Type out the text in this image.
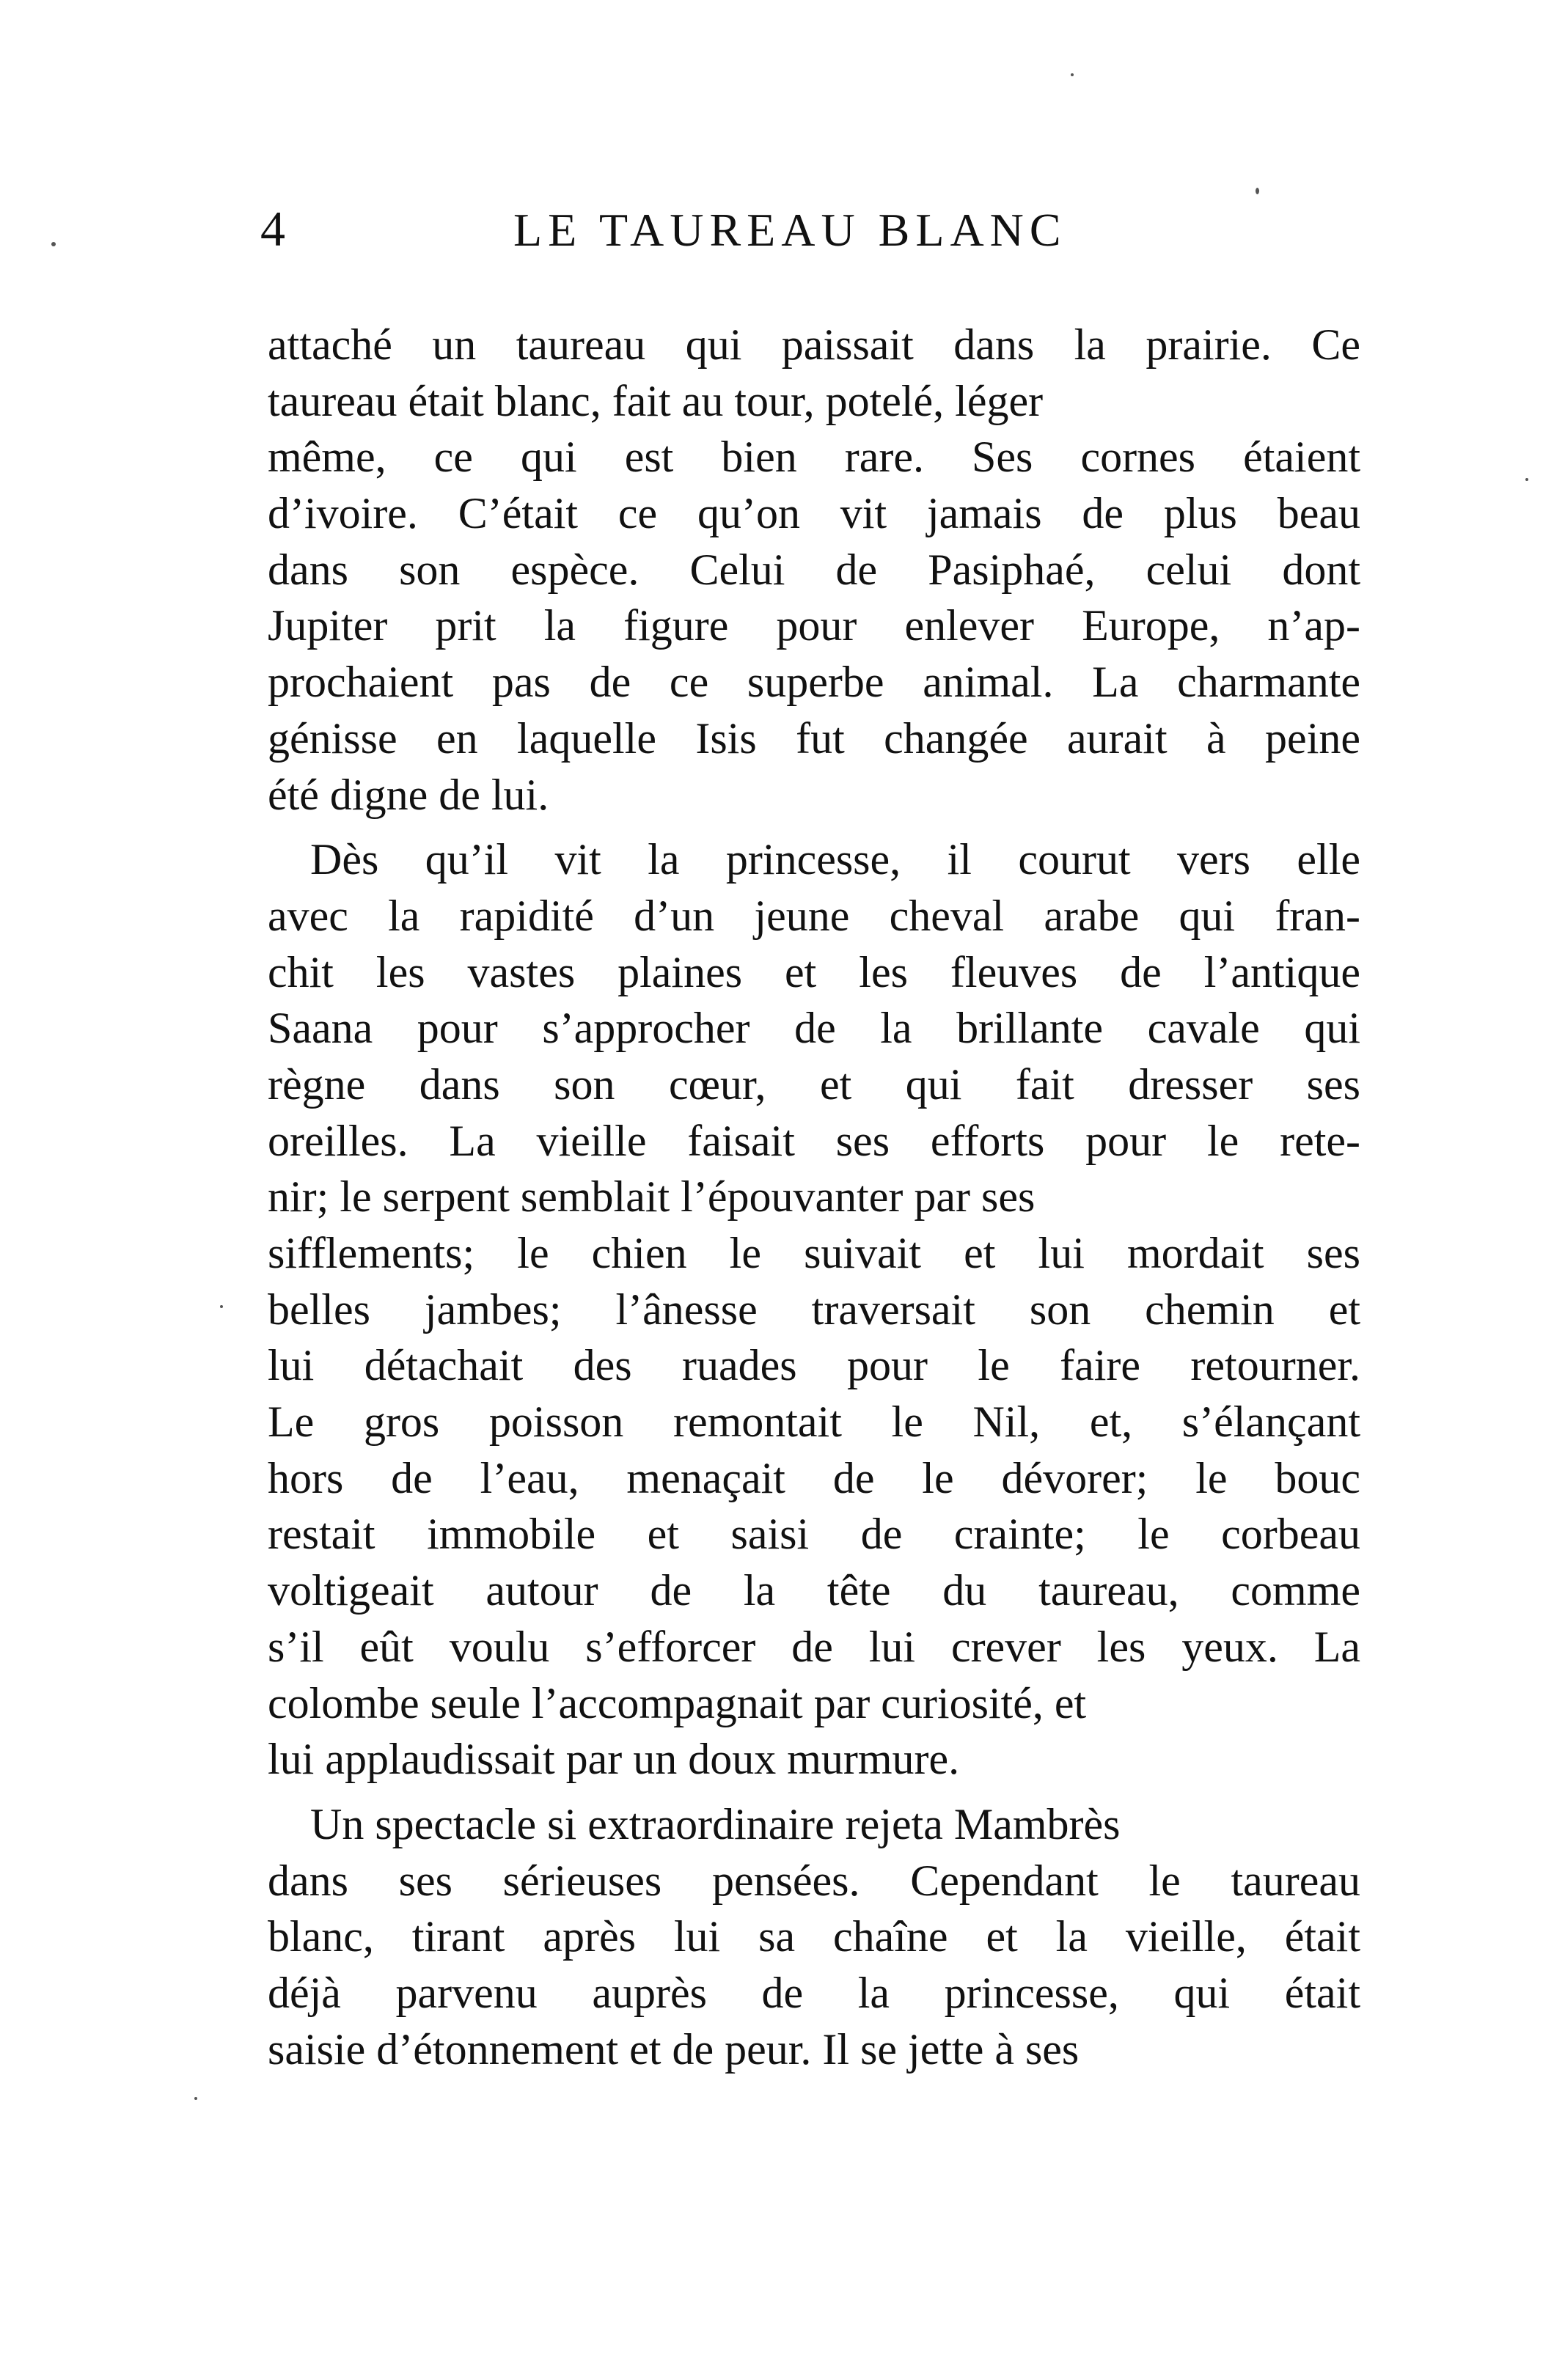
4	LE TAUREAU BLANC
attaché un taureau qui paissait dans la prairie. Ce
taureau était blanc, fait au tour, potelé, léger
même, ce qui est bien rare. Ses cornes étaient
d’ivoire. C’était ce qu’on vit jamais de plus beau
dans son espèce. Celui de Pasiphaé, celui dont
Jupiter prit la figure pour enlever Europe, n’ap-
prochaient pas de ce superbe animal. La charmante
génisse en laquelle Isis fut changée aurait à peine
été digne de lui.
Dès qu’il vit la princesse, il courut vers elle
avec la rapidité d’un jeune cheval arabe qui fran-
chit les vastes plaines et les fleuves de l’antique
Saana pour s’approcher de la brillante cavale qui
règne dans son cœur, et qui fait dresser ses
oreilles. La vieille faisait ses efforts pour le rete-
nir; le serpent semblait l’épouvanter par ses
sifflements; le chien le suivait et lui mordait ses
belles jambes; l’ânesse traversait son chemin et
lui détachait des ruades pour le faire retourner.
Le gros poisson remontait le Nil, et, s’élançant
hors de l’eau, menaçait de le dévorer; le bouc
restait immobile et saisi de crainte; le corbeau
voltigeait autour de la tête du taureau, comme
s’il eût voulu s’efforcer de lui crever les yeux. La
colombe seule l’accompagnait par curiosité, et
lui applaudissait par un doux murmure.
Un spectacle si extraordinaire rejeta Mambrès
dans ses sérieuses pensées. Cependant le taureau
blanc, tirant après lui sa chaîne et la vieille, était
déjà parvenu auprès de la princesse, qui était
saisie d’étonnement et de peur. Il se jette à ses
